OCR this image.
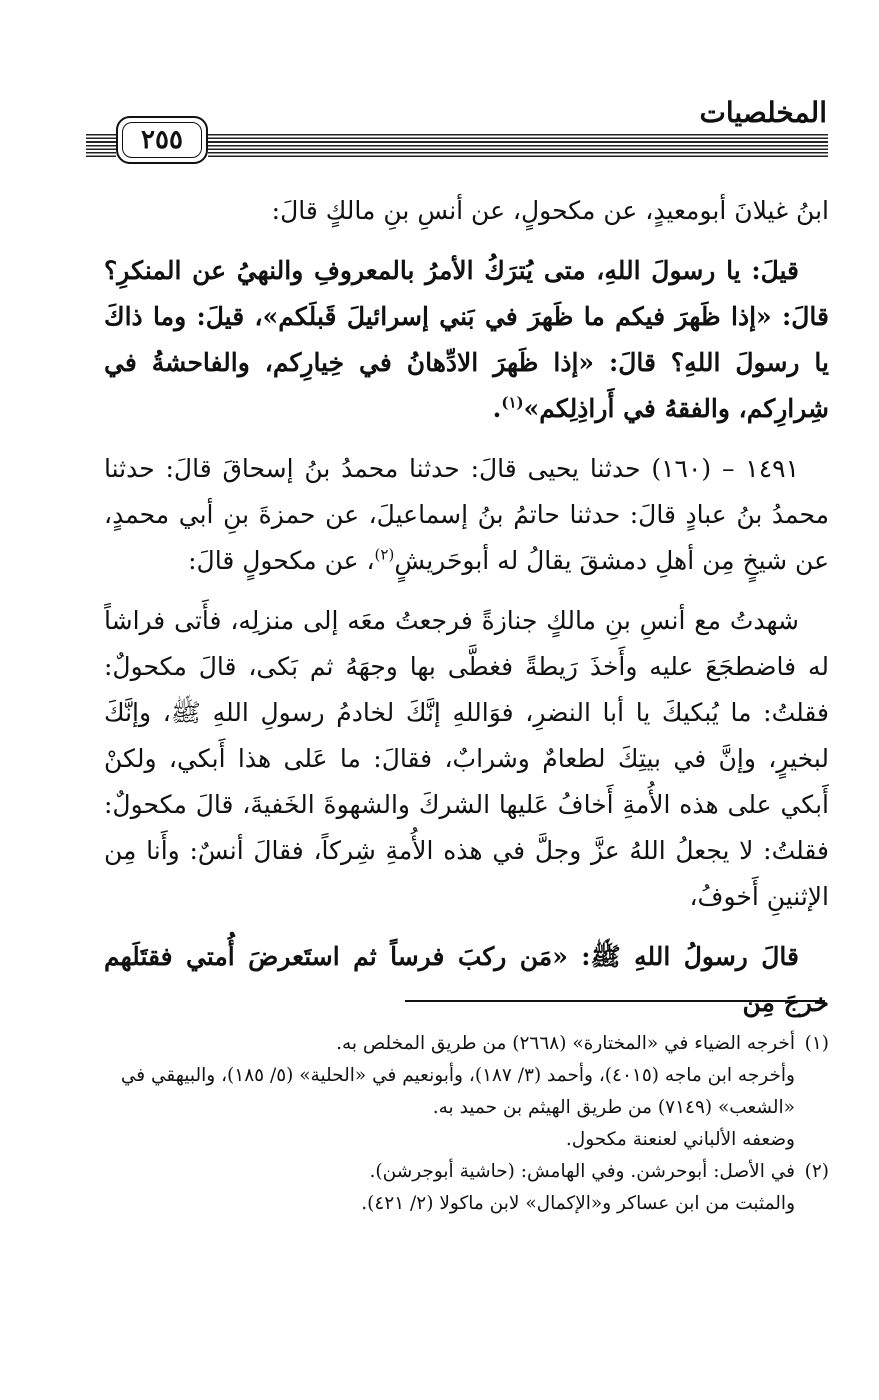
المخلصيات
٢٥٥

ابنُ غيلانَ أبومعيدٍ، عن مكحولٍ، عن أنسِ بنِ مالكٍ قالَ:

قيلَ: يا رسولَ اللهِ، متى يُترَكُ الأمرُ بالمعروفِ والنهيُ عن المنكرِ؟ قالَ: «إذا ظَهرَ فيكم ما ظَهرَ في بَني إسرائيلَ قَبلَكم»، قيلَ: وما ذاكَ يا رسولَ اللهِ؟ قالَ: «إذا ظَهرَ الادِّهانُ في خِيارِكم، والفاحشةُ في شِرارِكم، والفقهُ في أَراذِلِكم»$^{(١)}$.

١٤٩١ – (١٦٠) حدثنا يحيى قالَ: حدثنا محمدُ بنُ إسحاقَ قالَ: حدثنا محمدُ بنُ عبادٍ قالَ: حدثنا حاتمُ بنُ إسماعيلَ، عن حمزةَ بنِ أبي محمدٍ، عن شيخٍ مِن أهلِ دمشقَ يقالُ له أبوحَريشٍ$^{(٢)}$، عن مكحولٍ قالَ:

شهدتُ مع أنسِ بنِ مالكٍ جنازةً فرجعتُ معَه إلى منزلِه، فأَتى فراشاً له فاضطجَعَ عليه وأَخذَ رَيطةً فغطَّى بها وجهَهُ ثم بَكى، قالَ مكحولٌ: فقلتُ: ما يُبكيكَ يا أبا النضرِ، فوَاللهِ إنَّكَ لخادمُ رسولِ اللهِ ﷺ، وإنَّكَ لبخيرٍ، وإنَّ في بيتِكَ لطعامٌ وشرابٌ، فقالَ: ما عَلى هذا أَبكي، ولكنْ أَبكي على هذه الأُمةِ أَخافُ عَليها الشركَ والشهوةَ الخَفيةَ، قالَ مكحولٌ: فقلتُ: لا يجعلُ اللهُ عزَّ وجلَّ في هذه الأُمةِ شِركاً، فقالَ أنسٌ: وأَنا مِن الإثنينِ أَخوفُ،

قالَ رسولُ اللهِ ﷺ: «مَن ركبَ فرساً ثم استَعرضَ أُمتي فقتَلَهم خرجَ مِن

(١)أخرجه الضياء في «المختارة» (٢٦٦٨) من طريق المخلص به.

وأخرجه ابن ماجه (٤٠١٥)، وأحمد (٣/ ١٨٧)، وأبونعيم في «الحلية» (٥/ ١٨٥)، والبيهقي في «الشعب» (٧١٤٩) من طريق الهيثم بن حميد به.

وضعفه الألباني لعنعنة مكحول.

(٢)في الأصل: أبوحرشن. وفي الهامش: (حاشية أبوجرشن).

والمثبت من ابن عساكر و«الإكمال» لابن ماكولا (٢/ ٤٢١).
